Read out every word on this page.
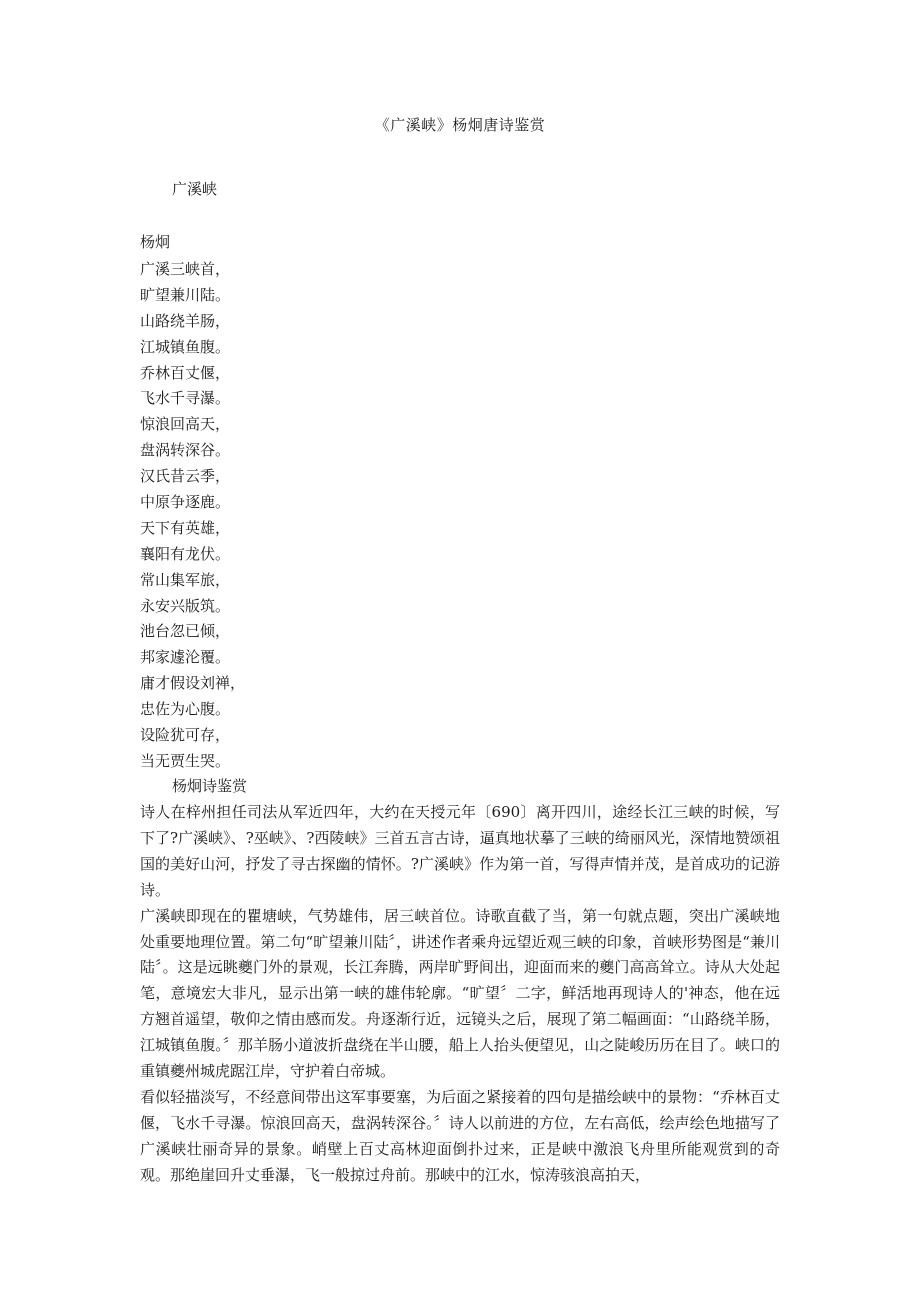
《广溪峡》杨炯唐诗鉴赏
广溪峡
杨炯
广溪三峡首，
旷望兼川陆。
山路绕羊肠，
江城镇鱼腹。
乔林百丈偃，
飞水千寻瀑。
惊浪回高天，
盘涡转深谷。
汉氏昔云季，
中原争逐鹿。
天下有英雄，
襄阳有龙伏。
常山集军旅，
永安兴版筑。
池台忽已倾，
邦家遽沦覆。
庸才假设刘禅，
忠佐为心腹。
设险犹可存，
当无贾生哭。
杨炯诗鉴赏

诗人在梓州担任司法从军近四年，大约在天授元年〔690〕离开四川，途经长江三峡的时候，写下了?广溪峡》、?巫峡》、?西陵峡》三首五言古诗，逼真地状摹了三峡的绮丽风光，深情地赞颂祖国的美好山河，抒发了寻古探幽的情怀。?广溪峡》作为第一首，写得声情并茂，是首成功的记游诗。

广溪峡即现在的瞿塘峡，气势雄伟，居三峡首位。诗歌直截了当，第一句就点题，突出广溪峡地处重要地理位置。第二句“旷望兼川陆〞，讲述作者乘舟远望近观三峡的印象，首峡形势图是“兼川陆〞。这是远眺夔门外的景观，长江奔腾，两岸旷野间出，迎面而来的夔门高高耸立。诗从大处起笔，意境宏大非凡，显示出第一峡的雄伟轮廓。“旷望〞二字，鲜活地再现诗人的'神态，他在远方翘首遥望，敬仰之情由感而发。舟逐渐行近，远镜头之后，展现了第二幅画面：“山路绕羊肠，江城镇鱼腹。〞那羊肠小道波折盘绕在半山腰，船上人抬头便望见，山之陡峻历历在目了。峡口的重镇夔州城虎踞江岸，守护着白帝城。

看似轻描淡写，不经意间带出这军事要塞，为后面之紧接着的四句是描绘峡中的景物：“乔林百丈偃，飞水千寻瀑。惊浪回高天，盘涡转深谷。〞诗人以前进的方位，左右高低，绘声绘色地描写了广溪峡壮丽奇异的景象。峭壁上百丈高林迎面倒扑过来，正是峡中激浪飞舟里所能观赏到的奇观。那绝崖回升丈垂瀑，飞一般掠过舟前。那峡中的江水，惊涛骇浪高拍天，
